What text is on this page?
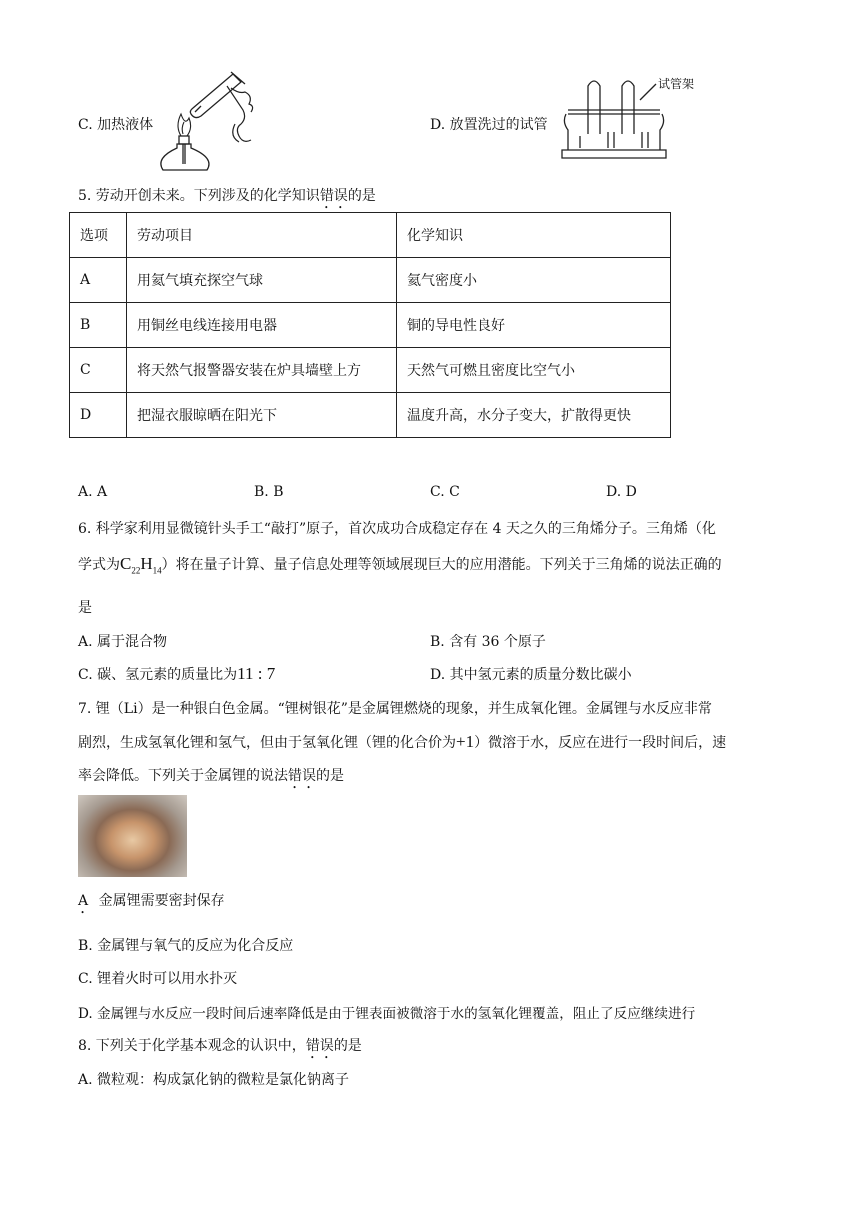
C. 加热液体	D. 放置洗过的试管
试管架
5. 劳动开创未来。下列涉及的化学知识错误的是
选项	劳动项目	化学知识
A	用氦气填充探空气球	氦气密度小
B	用铜丝电线连接用电器	铜的导电性良好
C	将天然气报警器安装在炉具墙壁上方	天然气可燃且密度比空气小
D	把湿衣服晾晒在阳光下	温度升高，水分子变大，扩散得更快
A. A	B. B	C. C	D. D
6. 科学家利用显微镜针头手工“敲打”原子，首次成功合成稳定存在 4 天之久的三角烯分子。三角烯（化
学式为$C_{22}H_{14}$）将在量子计算、量子信息处理等领域展现巨大的应用潜能。下列关于三角烯的说法正确的
是
A. 属于混合物	B. 含有 36 个原子
C. 碳、氢元素的质量比为11 : 7	D. 其中氢元素的质量分数比碳小
7. 锂（Li）是一种银白色金属。“锂树银花”是金属锂燃烧的现象，并生成氧化锂。金属锂与水反应非常
剧烈，生成氢氧化锂和氢气，但由于氢氧化锂（锂的化合价为+1）微溶于水，反应在进行一段时间后，速
率会降低。下列关于金属锂的说法错误的是
A 金属锂需要密封保存
B. 金属锂与氧气的反应为化合反应
C. 锂着火时可以用水扑灭
D. 金属锂与水反应一段时间后速率降低是由于锂表面被微溶于水的氢氧化锂覆盖，阻止了反应继续进行
8. 下列关于化学基本观念的认识中，错误的是
A. 微粒观：构成氯化钠的微粒是氯化钠离子
